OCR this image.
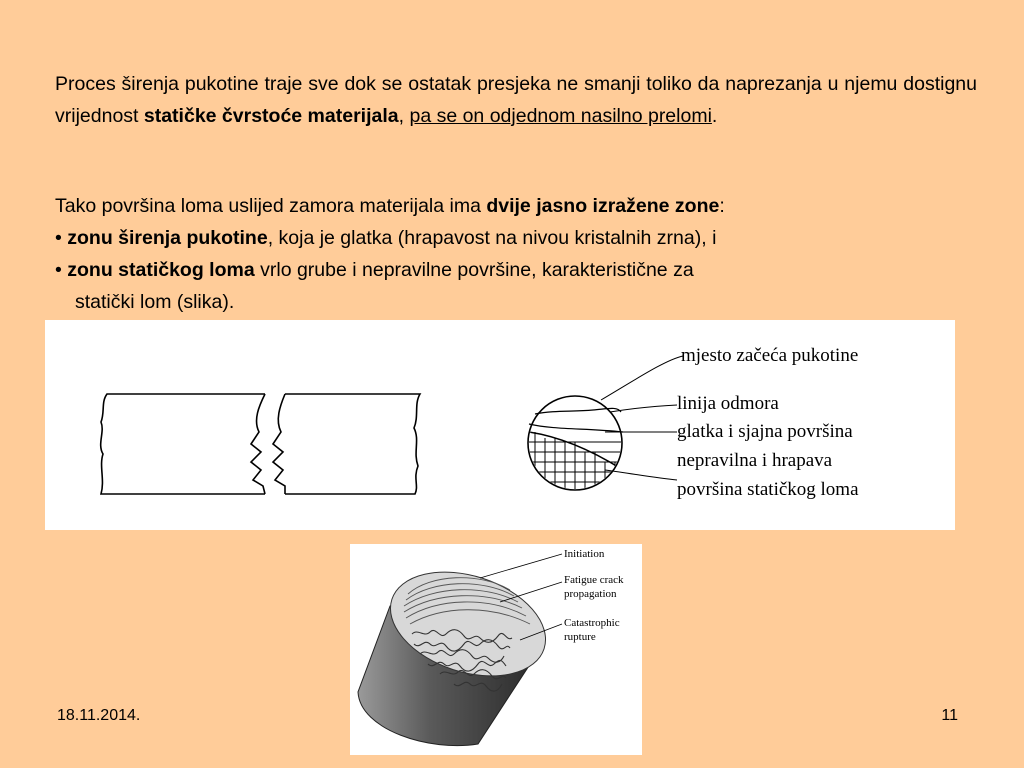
Proces širenja pukotine traje sve dok se ostatak presjeka ne smanji toliko da naprezanja u njemu dostignu vrijednost statičke čvrstoće materijala, pa se on odjednom nasilno prelomi.

Tako površina loma uslijed zamora materijala ima dvije jasno izražene zone:

• zonu širenja pukotine, koja je glatka (hrapavost na nivou kristalnih zrna), i

• zonu statičkog loma vrlo grube i nepravilne površine, karakteristične za

statički lom (slika).

mjesto začeća pukotine
linija odmora
glatka i sjajna površina
nepravilna i hrapava
površina statičkog loma
Initiation
Fatigue crack
propagation
Catastrophic
rupture
18.11.2014.	11
